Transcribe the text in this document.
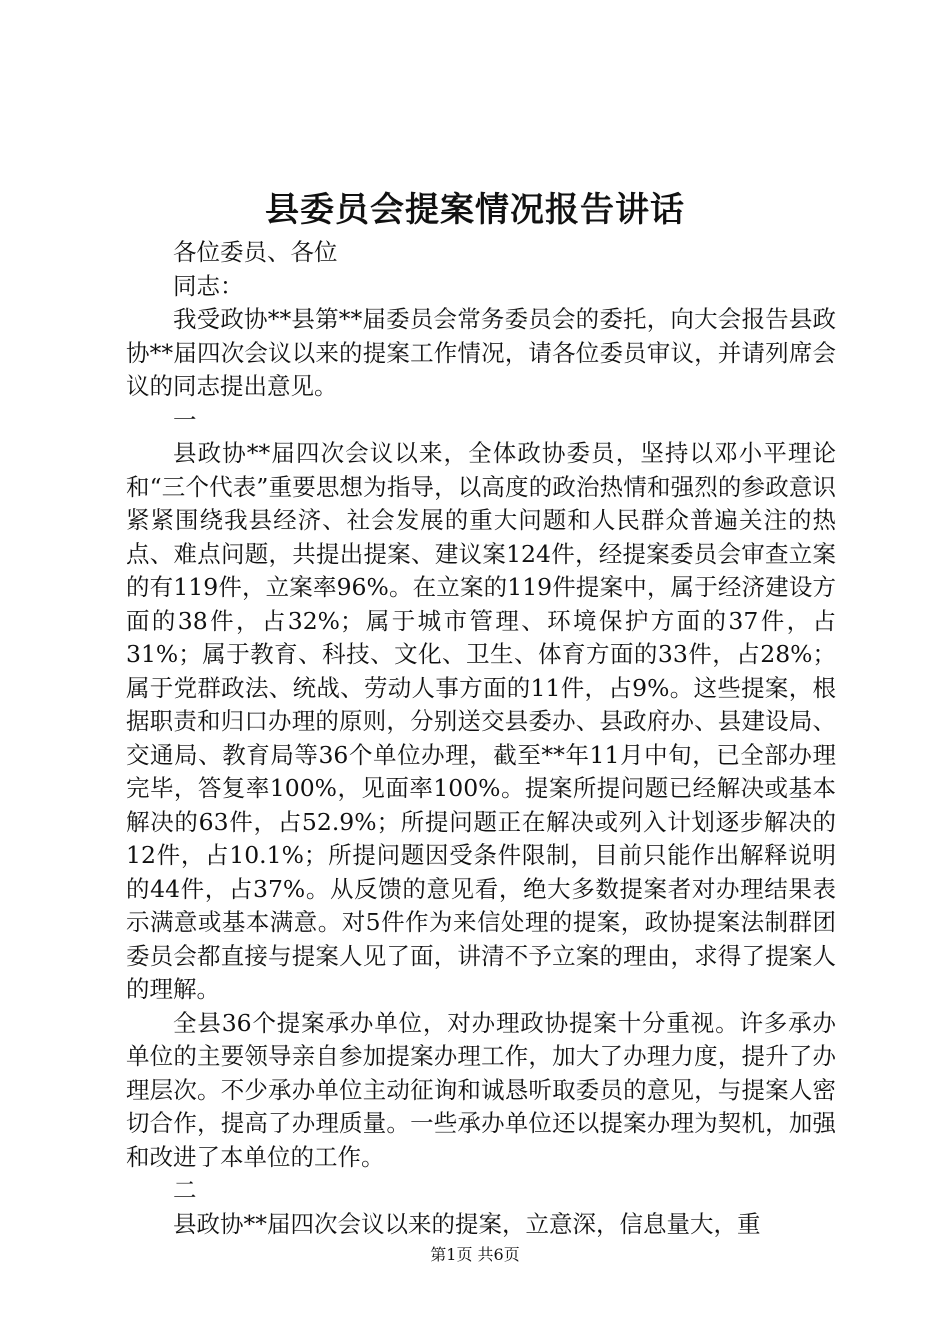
县委员会提案情况报告讲话

各位委员、各位

同志：

我受政协**县第**届委员会常务委员会的委托，向大会报告县政协**届四次会议以来的提案工作情况，请各位委员审议，并请列席会议的同志提出意见。

一

县政协**届四次会议以来，全体政协委员，坚持以邓小平理论和“三个代表”重要思想为指导，以高度的政治热情和强烈的参政意识紧紧围绕我县经济、社会发展的重大问题和人民群众普遍关注的热点、难点问题，共提出提案、建议案124件，经提案委员会审查立案的有119件，立案率96%。在立案的119件提案中，属于经济建设方面的38件，占32%；属于城市管理、环境保护方面的37件，占31%；属于教育、科技、文化、卫生、体育方面的33件，占28%；属于党群政法、统战、劳动人事方面的11件，占9%。这些提案，根据职责和归口办理的原则，分别送交县委办、县政府办、县建设局、交通局、教育局等36个单位办理，截至**年11月中旬，已全部办理完毕，答复率100%，见面率100%。提案所提问题已经解决或基本解决的63件，占52.9%；所提问题正在解决或列入计划逐步解决的12件，占10.1%；所提问题因受条件限制，目前只能作出解释说明的44件，占37%。从反馈的意见看，绝大多数提案者对办理结果表示满意或基本满意。对5件作为来信处理的提案，政协提案法制群团委员会都直接与提案人见了面，讲清不予立案的理由，求得了提案人的理解。

全县36个提案承办单位，对办理政协提案十分重视。许多承办单位的主要领导亲自参加提案办理工作，加大了办理力度，提升了办理层次。不少承办单位主动征询和诚恳听取委员的意见，与提案人密切合作，提高了办理质量。一些承办单位还以提案办理为契机，加强和改进了本单位的工作。

二

县政协**届四次会议以来的提案，立意深，信息量大，重

第1页 共6页
